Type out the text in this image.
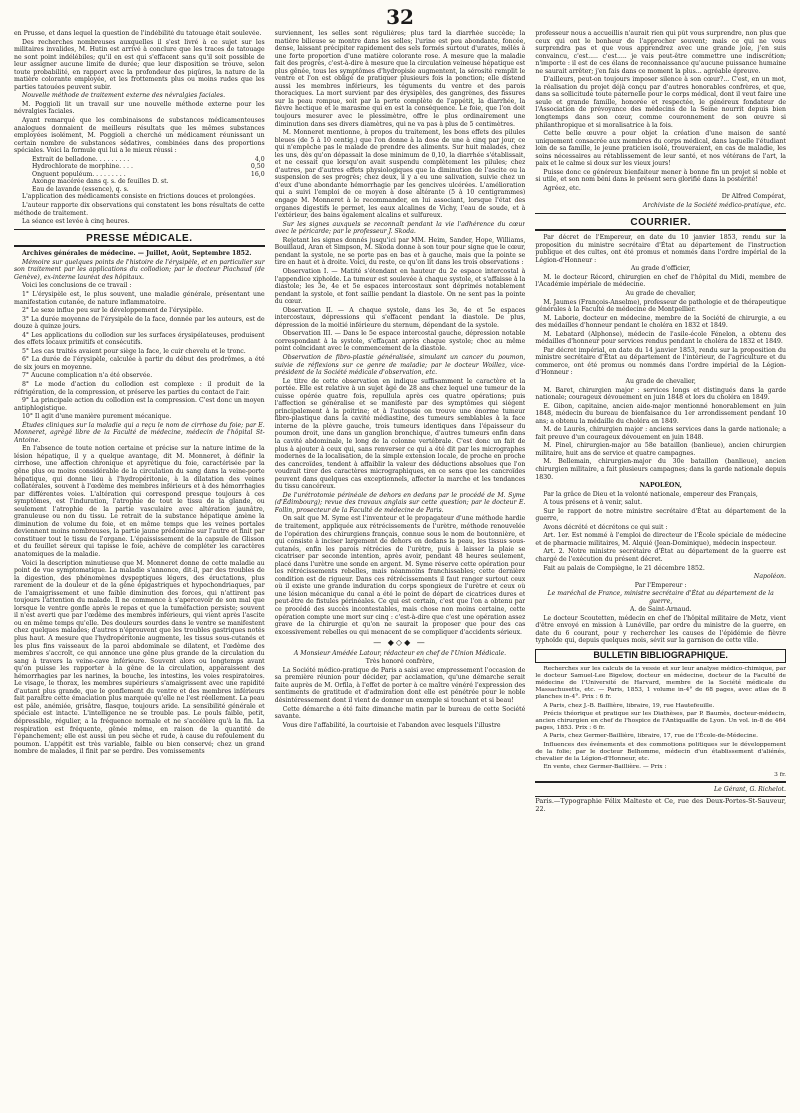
32

en Prusse, et dans lequel la question de l'indébilité du tatouage était soulevée.

Des recherches nombreuses auxquelles il s'est livré à ce sujet sur les militaires invalides, M. Hutin est arrivé à conclure que les traces de tatouage ne sont point indélébiles; qu'il en est qui s'effacent sans qu'il soit possible de leur assigner aucune limite de durée; que leur disposition se trouve, selon toute probabilité, en rapport avec la profondeur des piqûres, la nature de la matière colorante employée, et les frottements plus ou moins rudes que les parties tatouées peuvent subir.

Nouvelle méthode de traitement externe des névralgies faciales.

M. Poggioli lit un travail sur une nouvelle méthode externe pour les névralgies faciales.

Ayant remarqué que les combinaisons de substances médicamenteuses analogues donnaient de meilleurs résultats que les mêmes substances employées isolément, M. Poggioli a cherché un médicament réunissant un certain nombre de substances sédatives, combinées dans des proportions spéciales. Voici la formule qui lui a le mieux réussi :

Extrait de belladone. . . . . . . . .	4,0
Hydrochlorate de morphine. . . .	0,50
Onguent populéum. . . . . . . . .	16,0
Axonge macérée dans q. s. de feuilles D. st.
Eau de lavande (essence), q. s.

L'application des médicaments consiste en frictions douces et prolongées.

L'auteur rapporte dix observations qui constatent les bons résultats de cette méthode de traitement.

La séance est levée à cinq heures.

PRESSE MÉDICALE.

Archives générales de médecine. — Juillet, Août, Septembre 1852.

Mémoire sur quelques points de l'histoire de l'érysipèle, et en particulier sur son traitement par les applications du collodion; par le docteur Piachaud (de Genève), ex-interne lauréat des hôpitaux.

Voici les conclusions de ce travail :

1° L'érysipèle est, le plus souvent, une maladie générale, présentant une manifestation cutanée, de nature inflammatoire.

2° Le sexe influe peu sur le développement de l'érysipèle.

3° La durée moyenne de l'érysipèle de la face, donnée par les auteurs, est de douze à quinze jours.

4° Les applications du collodion sur les surfaces érysipélateuses, produisent des effets locaux primitifs et consécutifs.

5° Les cas traités avaient pour siège la face, le cuir chevelu et le tronc.

6° La durée de l'érysipèle, calculée à partir du début des prodrômes, a été de six jours en moyenne.

7° Aucune complication n'a été observée.

8° Le mode d'action du collodion est complexe : il produit de la réfrigération, de la compression, et préserve les parties du contact de l'air.

9° La principale action du collodion est la compression. C'est donc un moyen antiphlogistique.

10° Il agit d'une manière purement mécanique.

Études cliniques sur la maladie qui a reçu le nom de cirrhose du foie; par E. Monneret, agrégé libre de la Faculté de médecine, médecin de l'hôpital St-Antoine.

En l'absence de toute notion certaine et précise sur la nature intime de la lésion hépatique, il y a quelque avantage, dit M. Monneret, à définir la cirrhose, une affection chronique et apyrétique du foie, caractérisée par la gêne plus ou moins considérable de la circulation du sang dans la veine-porte hépatique, qui donne lieu à l'hydropéritonie, à la dilatation des veines collatérales, souvent à l'œdème des membres inférieurs et à des hémorrhagies par différentes voies. L'altération qui correspond presque toujours à ces symptômes, est l'induration, l'atrophie de tout le tissu de la glande, ou seulement l'atrophie de la partie vasculaire avec altération jaunâtre, granuleuse ou non du tissu. Le retrait de la substance hépatique amène la diminution de volume du foie, et en même temps que les veines portales deviennent moins nombreuses, la partie jaune prédomine sur l'autre et finit par constituer tout le tissu de l'organe. L'épaississement de la capsule de Glisson et du feuillet séreux qui tapisse le foie, achève de compléter les caractères anatomiques de la maladie.

Voici la description minutieuse que M. Monneret donne de cette maladie au point de vue symptomatique. La maladie s'annonce, dit-il, par des troubles de la digestion, des phénomènes dyspeptiques légers, des éructations, plus rarement de la douleur et de la gêne épigastriques et hypochondriaques, par de l'amaigrissement et une faible diminution des forces, qui n'attirent pas toujours l'attention du malade. Il ne commence à s'apercevoir de son mal que lorsque le ventre gonfle après le repas et que la tuméfaction persiste; souvent il n'est averti que par l'œdème des membres inférieurs, qui vient après l'ascite ou en même temps qu'elle. Des douleurs sourdes dans le ventre se manifestent chez quelques malades; d'autres n'éprouvent que les troubles gastriques notés plus haut. A mesure que l'hydropéritonie augmente, les tissus sous-cutanés et les plus fins vaisseaux de la paroi abdominale se dilatent, et l'œdème des membres s'accroît, ce qui annonce une gêne plus grande de la circulation du sang à travers la veine-cave inférieure. Souvent alors ou longtemps avant qu'on puisse les rapporter à la gêne de la circulation, apparaissent des hémorrhagies par les narines, la bouche, les intestins, les voies respiratoires. Le visage, le thorax, les membres supérieurs s'amaigrissent avec une rapidité d'autant plus grande, que le gonflement du ventre et des membres inférieurs fait paraître cette émaciation plus marquée qu'elle ne l'est réellement. La peau est pâle, anémiée, grisâtre, flasque, toujours aride. La sensibilité générale et spéciale est intacte. L'intelligence ne se trouble pas. Le pouls faible, petit, dépressible, régulier, a la fréquence normale et ne s'accélère qu'à la fin. La respiration est fréquente, gênée même, en raison de la quantité de l'épanchement; elle est aussi un peu sèche et rude, à cause du refoulement du poumon. L'appétit est très variable, faible ou bien conservé; chez un grand nombre de malades, il finit par se perdre. Des vomissements

surviennent, les selles sont régulières; plus tard la diarrhée succède; la matière bilieuse se montre dans les selles; l'urine est peu abondante, foncée, dense, laissant précipiter rapidement des sels formés surtout d'urates, mêlés à une forte proportion d'une matière colorante rose. A mesure que la maladie fait des progrès, c'est-à-dire à mesure que la circulation veineuse hépatique est plus gênée, tous les symptômes d'hydropisie augmentent, la sérosité remplit le ventre et l'on est obligé de pratiquer plusieurs fois la ponction; elle distend aussi les membres inférieurs, les téguments du ventre et des parois thoraciques. La mort survient par des érysipèles, des gangrènes, des fissures sur la peau rompue, soit par la perte complète de l'appétit, la diarrhée, la fièvre hectique et le marasme qui en est la conséquence. Le foie, que l'on doit toujours mesurer avec le plessimètre, offre le plus ordinairement une diminution dans ses divers diamètres, qui ne va pas à plus de 5 centimètres.

M. Monneret mentionne, à propos du traitement, les bons effets des pilules bleues (de 5 à 10 centig.) que l'on donne à la dose de une à cinq par jour, ce qui n'empêche pas le malade de prendre des aliments. Sur huit malades, chez les uns, dès qu'on dépassait la dose minimum de 0,10, la diarrhée s'établissait, et ne cessait que lorsqu'on avait suspendu complètement les pilules; chez d'autres, par d'autres effets physiologiques que la diminution de l'ascite ou la suspension de ses progrès; chez deux, il y a eu une salivation, suivie chez un d'eux d'une abondante hémorrhagie par les gencives ulcérées. L'amélioration qui a suivi l'emploi de ce moyen à dose altérante (5 à 10 centigrammes) engage M. Monneret à le recommander, en lui associant, lorsque l'état des organes digestifs le permet, les eaux alcalines de Vichy, l'eau de soude, et à l'extérieur, des bains également alcalins et sulfureux.

Sur les signes auxquels se reconnaît pendant la vie l'adhérence du cœur avec le péricarde; par le professeur J. Skoda.

Rejetant les signes donnés jusqu'ici par MM. Heim, Sander, Hope, Williams, Bouillaud, Aran et Simpson, M. Skoda donne à son tour pour signe que le cœur, pendant la systole, ne se porte pas en bas et à gauche, mais que la pointe se tire en haut et à droite. Voici, du reste, ce qu'on lit dans les trois observations :

Observation I. — Matité s'étendant en hauteur du 2e espace intercostal à l'appendice xiphoïde. La tumeur est soulevée à chaque systole, et s'affaisse à la diastole; les 3e, 4e et 5e espaces intercostaux sont déprimés notablement pendant la systole, et font saillie pendant la diastole. On ne sent pas la pointe du cœur.

Observation II. — A chaque systole, dans les 3e, 4e et 5e espaces intercostaux, dépressions qui s'effacent pendant la diastole. De plus, dépression de la moitié inférieure du sternum, dépendant de la systole.

Observation III. — Dans le 5e espace intercostal gauche, dépression notable correspondant à la systole, s'effaçant après chaque systole; choc au même point coïncidant avec le commencement de la diastole.

Observation de fibro-plastie généralisée, simulant un cancer du poumon, suivie de réflexions sur ce genre de maladie; par le docteur Woillez, vice-président de la Société médicale d'observation, etc.

Le titre de cette observation en indique suffisamment le caractère et la portée. Elle est relative à un sujet âgé de 28 ans chez lequel une tumeur de la cuisse opérée quatre fois, repullula après ces quatre opérations; puis l'affection se généralise et se manifeste par des symptômes qui siégent principalement à la poitrine; et à l'autopsie on trouve une énorme tumeur fibro-plastique dans la cavité médiastine, des tumeurs semblables à la face interne de la plèvre gauche, trois tumeurs identiques dans l'épaisseur du poumon droit, une dans un ganglion bronchique, d'autres tumeurs enfin dans la cavité abdominale, le long de la colonne vertébrale. C'est donc un fait de plus à ajouter à ceux qui, sans renverser ce qui a été dit par les micrographes modernes de la localisation, de la simple extension locale, de proche en proche des cancroïdes, tendent à affaiblir la valeur des déductions absolues que l'on voudrait tirer des caractères micrographiques, en ce sens que les cancroïdes peuvent dans quelques cas exceptionnels, affecter la marche et les tendances du tissu cancéreux.

De l'urétrotomie périnéale de dehors en dedans par le procédé de M. Syme (d'Édimbourg); revue des travaux anglais sur cette question; par le docteur E. Follin, prosecteur de la Faculté de médecine de Paris.

On sait que M. Syme est l'inventeur et le propagateur d'une méthode hardie de traitement, appliquée aux rétrécissements de l'urètre, méthode renouvelée de l'opération des chirurgiens français, connue sous le nom de boutonnière, et qui consiste à inciser largement de dehors en dedans la peau, les tissus sous-cutanés, enfin les parois rétrécies de l'urètre, puis à laisser la plaie se cicatriser par seconde intention, après avoir, pendant 48 heures seulement, placé dans l'urètre une sonde en argent. M. Syme réserve cette opération pour les rétrécissements rebelles, mais néanmoins franchissables; cette dernière condition est de rigueur. Dans ces rétrécissements il faut ranger surtout ceux où il existe une grande induration du corps spongieux de l'urètre et ceux où une lésion mécanique du canal a été le point de départ de cicatrices dures et peut-être de fistules périnéales. Ce qui est certain, c'est que l'on a obtenu par ce procédé des succès incontestables, mais chose non moins certaine, cette opération compte une mort sur cinq : c'est-à-dire que c'est une opération assez grave de la chirurgie et qu'on ne saurait la proposer que pour des cas excessivement rebelles ou qui menacent de se compliquer d'accidents sérieux.

— ◆◇◆ —

A Monsieur Amédée Latour, rédacteur en chef de l'Union Médicale.

Très honoré confrère,

La Société médico-pratique de Paris a saisi avec empressement l'occasion de sa première réunion pour décider, par acclamation, qu'une démarche serait faite auprès de M. Orfila, à l'effet de porter à ce maître vénéré l'expression des sentiments de gratitude et d'admiration dont elle est pénétrée pour le noble désintéressement dont il vient de donner un exemple si touchant et si beau!

Cette démarche a été faite dimanche matin par le bureau de cette Société savante.

Vous dire l'affabilité, la courtoisie et l'abandon avec lesquels l'illustre

professeur nous a accueillis n'aurait rien qui pût vous surprendre, non plus que ceux qui ont le bonheur de l'approcher souvent; mais ce qui ne vous surprendra pas et que vous apprendrez avec une grande joie, j'en suis convaincu, c'est..... c'est..... je vais peut-être commettre une indiscrétion; n'importe : il est de ces élans de reconnaissance qu'aucune puissance humaine ne saurait arrêter; j'en fais dans ce moment la plus... agréable épreuve.

D'ailleurs, peut-on toujours imposer silence à son cœur?... C'est, en un mot, la réalisation du projet déjà conçu par d'autres honorables confrères, et que, dans sa sollicitude toute paternelle pour le corps médical, dont il veut faire une seule et grande famille, honorée et respectée, le généreux fondateur de l'Association de prévoyance des médecins de la Seine nourrit depuis bien longtemps dans son cœur, comme couronnement de son œuvre si philanthropique et si moralisatrice à la fois.

Cette belle œuvre a pour objet la création d'une maison de santé uniquement consacrée aux membres du corps médical, dans laquelle l'étudiant loin de sa famille, le jeune praticien isolé, trouveraient, en cas de maladie, les soins nécessaires au rétablissement de leur santé, et nos vétérans de l'art, la paix et le calme si doux sur les vieux jours!

Puisse donc ce généreux bienfaiteur mener à bonne fin un projet si noble et si utile, et son nom béni dans le présent sera glorifié dans la postérité!

Agréez, etc.

Dr Alfred Compérat,

Archiviste de la Société médico-pratique, etc.

COURRIER.

Par décret de l'Empereur, en date du 10 janvier 1853, rendu sur la proposition du ministre secrétaire d'État au département de l'instruction publique et des cultes, ont été promus et nommés dans l'ordre impérial de la Légion-d'Honneur :

Au grade d'officier,

M. le docteur Récord, chirurgien en chef de l'hôpital du Midi, membre de l'Académie impériale de médecine.

Au grade de chevalier,

M. Jaumes (François-Anselme), professeur de pathologie et de thérapeutique générales à la Faculté de médecine de Montpellier.

M. Laborie, docteur en médecine, membre de la Société de chirurgie, a eu des médailles d'honneur pendant le choléra en 1832 et 1849.

M. Lebatard (Alphonse), médecin de l'asile-école Fénelon, a obtenu des médailles d'honneur pour services rendus pendant le choléra de 1832 et 1849.

Par décret impérial, en date du 14 janvier 1853, rendu sur la proposition du ministre secrétaire d'État au département de l'intérieur, de l'agriculture et du commerce, ont été promus ou nommés dans l'ordre impérial de la Légion-d'Honneur :

Au grade de chevalier,

M. Baret, chirurgien major : services longs et distingués dans la garde nationale; courageux dévouement en juin 1848 et lors du choléra en 1849.

E. Gibon, capitaine, ancien aide-major mentionné honorablement en juin 1848, médecin du bureau de bienfaisance du 1er arrondissement pendant 10 ans; a obtenu la médaille du choléra en 1849.

M. de Laurès, chirurgien major : anciens services dans la garde nationale; a fait preuve d'un courageux dévouement en juin 1848.

M. Pinel, chirurgien-major au 58e bataillon (banlieue), ancien chirurgien militaire, huit ans de service et quatre campagnes.

M. Bellemain, chirurgien-major du 30e bataillon (banlieue), ancien chirurgien militaire, a fait plusieurs campagnes; dans la garde nationale depuis 1830.

NAPOLÉON,

Par la grâce de Dieu et la volonté nationale, empereur des Français,

A tous présens et à venir, salut.

Sur le rapport de notre ministre secrétaire d'État au département de la guerre,

Avons décrété et décrétons ce qui suit :

Art. 1er. Est nommé à l'emploi de directeur de l'École spéciale de médecine et de pharmacie militaires, M. Alquié (Jean-Dominique), médecin inspecteur.

Art. 2. Notre ministre secrétaire d'État au département de la guerre est chargé de l'exécution du présent décret.

Fait au palais de Compiègne, le 21 décembre 1852.

Napoléon.

Par l'Empereur :

Le maréchal de France, ministre secrétaire d'État au département de la guerre,

A. de Saint-Arnaud.

Le docteur Scoutetten, médecin en chef de l'hôpital militaire de Metz, vient d'être envoyé en mission à Lunéville, par ordre du ministre de la guerre, en date du 6 courant, pour y rechercher les causes de l'épidémie de fièvre typhoïde qui, depuis quelques mois, sévit sur la garnison de cette ville.

BULLETIN BIBLIOGRAPHIQUE.

Recherches sur les calculs de la vessie et sur leur analyse médico-chimique, par le docteur Samuel-Lee Bigelow, docteur en médecine, docteur de la Faculté de médecine de l'Université de Harvard, membre de la Société médicale du Massachusetts, etc. — Paris, 1853, 1 volume in-4° de 68 pages, avec atlas de 8 planches in-4°. Prix : 6 fr.

A Paris, chez J.-B. Baillière, libraire, 19, rue Hautefeuille.

Précis théorique et pratique sur les Diathèses, par P. Baumès, docteur-médecin, ancien chirurgien en chef de l'hospice de l'Antiquaille de Lyon. Un vol. in-8 de 464 pages, 1853. Prix : 6 fr.

A Paris, chez Germer-Baillière, libraire, 17, rue de l'École-de-Médecine.

Influences des événements et des commotions politiques sur le développement de la folie; par le docteur Belhomme, médecin d'un établissement d'aliénés, chevalier de la Légion-d'Honneur, etc.

En vente, chez Germer-Baillière. — Prix :

3 fr.

Le Gérant, G. Richelot.

Paris.—Typographie Félix Malteste et Ce, rue des Deux-Portes-St-Sauveur, 22.
